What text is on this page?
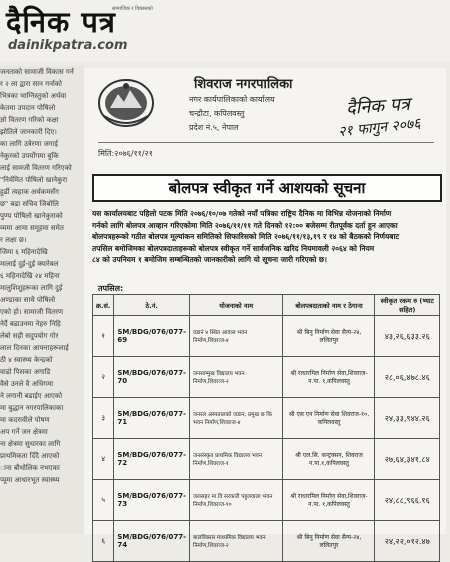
दैनिक पत्र
सामाजिक र विकासको
dainikpatra.com
जनताको सामाजी विकास गर्न
र २ ला द्वारा सान गर्नाको
भित्रका भाग्निस्तुको अर्थवा
केतमा उपदान पोषिलो
ज्ञो वितरण गरिको कक्षा
झोतिले जानकारी दिए।
का लागि उत्रेरणा जगाई
नेकुरको उपर्योगमा बुकि
लाई सामजी वितरण गरिएको
"निर्यमित पोषिलो खानेकुरा
हुर्ढी त्यहाक अर्थकमसँग
छ" बढा सचिव जिबोलि
पुण्य पोषिलो खानेकुराको
व्यमा आमा समूहमा समेत
र लक्षा छ।
जिमा ६ महिनादेखि
मालाई दुई-दुई क्यारेबल
६ महिनादेखि २४ महिना
मालुशिशुहरूका लागि दुई
अण्डाका साथै पोषिलो
एको हो। सामाजी वितरण
नेर्दै बढाउनमा नेहरु निहि
लेबो सही सदुपयोग गोर
लाल दिनका आफ्नाहरूलाई
ठी ४ स्वास्थ्य केन्द्रको
वाढो पिसका अगाडि
वैसे उनले वै अधिगमा
ने लगानी बढाईए आएको
मा बुद्धान नगरपालिकाका
मा कदरावीले पोषण
अप गर्ने जन क्षेत्रमा
ना क्षेत्रमा सुधारका लागि
प्राथमिकता दिँदै आएको
ाना बौधोलिक नभएका
प्यूमा आधारभूत स्वास्थ्य
शिवराज नगरपालिका
नगर कार्यपालिकाको कार्यालय
चन्द्रौटा, कपिलवस्तु
प्रदेश नं.५, नेपाल
दैनिक पत्र
२१ फागुन २०७६
मिति:२०७६/११/२१
बोलपत्र स्वीकृत गर्ने आशयको सूचना
यस कार्यालयबाट पहिलो पटक मिति २०७६/१०/०७ गतेको नयाँ पत्रिका राष्ट्रिय दैनिक मा विभिन्न योजनाको निर्माण
गर्नको लागि बोलपत्र आव्हान गरिएकोमा मिति २०७६/११/११ गते दिनको १२:०० बजेसम्म रीतपूर्वक दर्ता हुन आएका
बोलपत्रहरूको गठीत बोलपत्र मूल्यांकन समितिको सिफारिसको मिति २०७६/११/१३,१९ र १४ को बैठकको निर्णयबाट
तपसिल बमोजिमका बोलपत्रदाताहरूको बोलपत्र स्वीकृत गर्ने सार्वजनिक खरिद नियमावली २०६४ को नियम
८४ को उपनियम १ बमोजिम सम्बन्धितको जानकारीको लागि यो सूचना जारी गरिएको छ।
तपसिल:
क्र.सं.	ठे.नं.	योजनाको नाम	बोलपत्रदाताको नाम र ठेगाना	स्वीकृत रकम रु (भ्याट सहित)
१	SM/BDG/076/077-69	वडानं ४ स्थित आवास भवन निर्माण,शिवराज-४	श्री बिनु निर्माण सेवा सैन्य-२४, ललितपुर	४३,२६,६३३.२६
२	SM/BDG/076/077-70	जनसाम्मुख विद्यालय भवन निर्माण,शिवराज-२	श्री राधारमिल निर्माण सेवा,शिवराज-न.पा. १,कपिलवस्तु	२८,०६,४७८.४६
३	SM/BDG/076/077-71	जनरल अस्पतालको जडान, प्रमुख छ कि भवन निर्माण,शिवराज-४	श्री एस एन निर्माण सेवा शिवराज-१०, कपिलवस्तु	२४,३३,९४४.२६
४	SM/BDG/076/077-72	जनसंस्कृत प्राथमिक विद्यालय भवन निर्माण,शिवराज-१	श्री एल.सि. कन्ट्रक्सन, शिवराज न.पा.१,कपिलवस्तु	२७,६४,३४१.८४
५	SM/BDG/076/077-73	जलसहर मा.वि सरकारी पहुलवाला भवन निर्माण,शिवराज-१०	श्री राधारमिल निर्माण सेवा,शिवराज-न.पा. १,कपिलवस्तु	२४,८८,९६६.१६
६	SM/BDG/076/077-74	बालविकास माध्यमिक विद्यालय भवन निर्माण,शिवराज-२	श्री बिनु निर्माण सेवा सैन्य-२४, ललितपुर	२४,२२,०१२.४७
